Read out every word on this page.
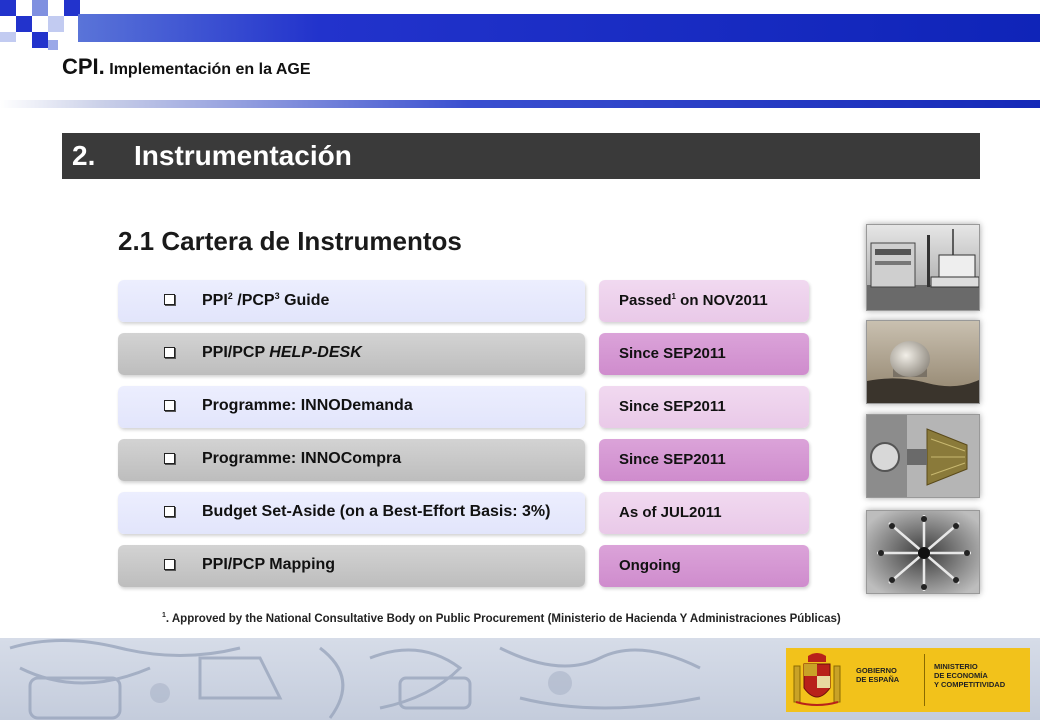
CPI. Implementación en la AGE
2. Instrumentación
2.1 Cartera de Instrumentos
PPI$^2$ /PCP$^3$ Guide	Passed$^1$ on NOV2011
PPI/PCP HELP-DESK	Since SEP2011
Programme: INNODemanda	Since SEP2011
Programme: INNOCompra	Since SEP2011
Budget Set-Aside (on a Best-Effort Basis: 3%)	As of JUL2011
PPI/PCP Mapping	Ongoing
$^1$. Approved by the National Consultative Body on Public Procurement (Ministerio de Hacienda Y Administraciones Públicas)
GOBIERNO
DE ESPAÑA
MINISTERIO
DE ECONOMÍA
Y COMPETITIVIDAD
